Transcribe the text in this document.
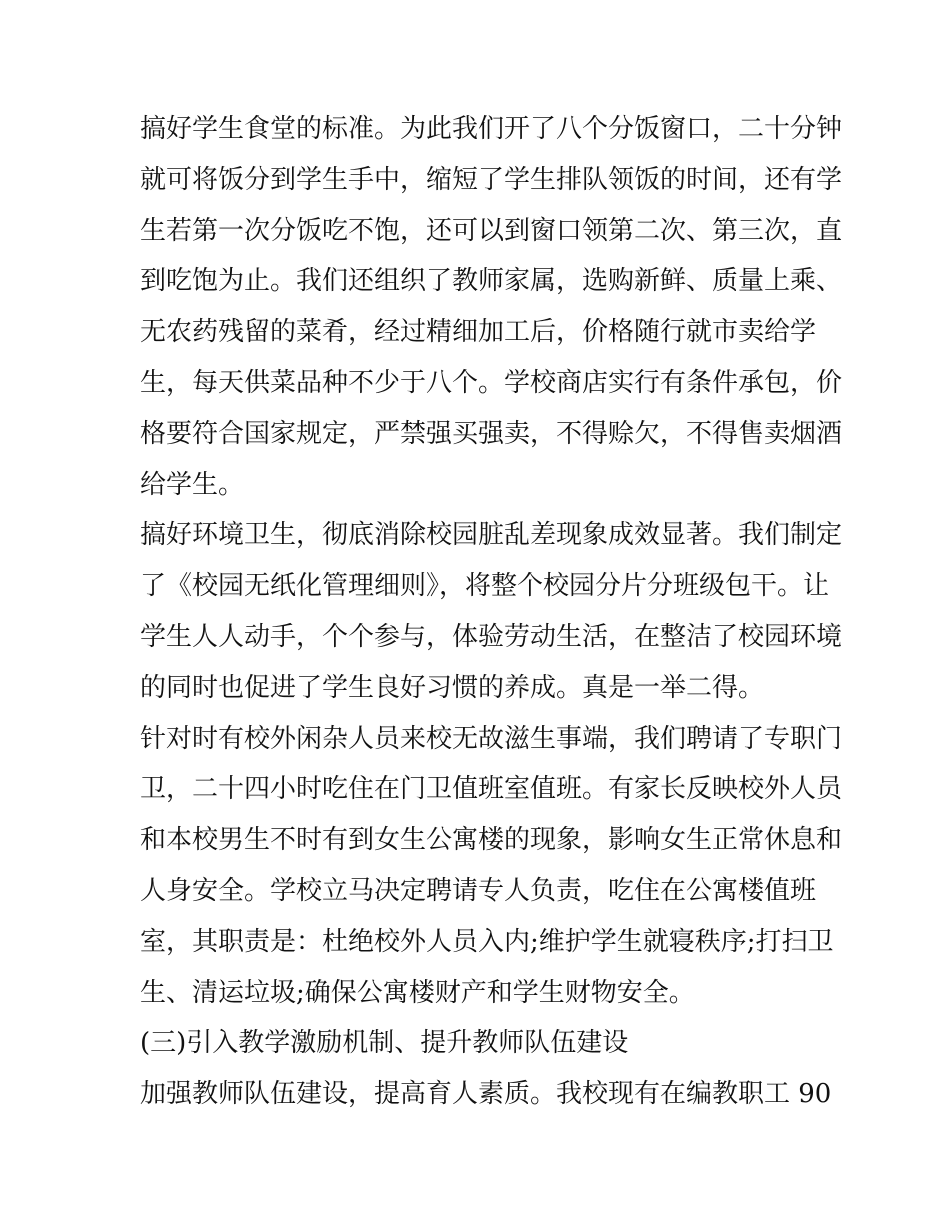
搞好学生食堂的标准。为此我们开了八个分饭窗口，二十分钟
就可将饭分到学生手中，缩短了学生排队领饭的时间，还有学
生若第一次分饭吃不饱，还可以到窗口领第二次、第三次，直
到吃饱为止。我们还组织了教师家属，选购新鲜、质量上乘、
无农药残留的菜肴，经过精细加工后，价格随行就市卖给学
生，每天供菜品种不少于八个。学校商店实行有条件承包，价
格要符合国家规定，严禁强买强卖，不得赊欠，不得售卖烟酒
给学生。
搞好环境卫生，彻底消除校园脏乱差现象成效显著。我们制定
了《校园无纸化管理细则》，将整个校园分片分班级包干。让
学生人人动手，个个参与，体验劳动生活，在整洁了校园环境
的同时也促进了学生良好习惯的养成。真是一举二得。
针对时有校外闲杂人员来校无故滋生事端，我们聘请了专职门
卫，二十四小时吃住在门卫值班室值班。有家长反映校外人员
和本校男生不时有到女生公寓楼的现象，影响女生正常休息和
人身安全。学校立马决定聘请专人负责，吃住在公寓楼值班
室，其职责是：杜绝校外人员入内;维护学生就寝秩序;打扫卫
生、清运垃圾;确保公寓楼财产和学生财物安全。
(三)引入教学激励机制、提升教师队伍建设
加强教师队伍建设，提高育人素质。我校现有在编教职工 90
